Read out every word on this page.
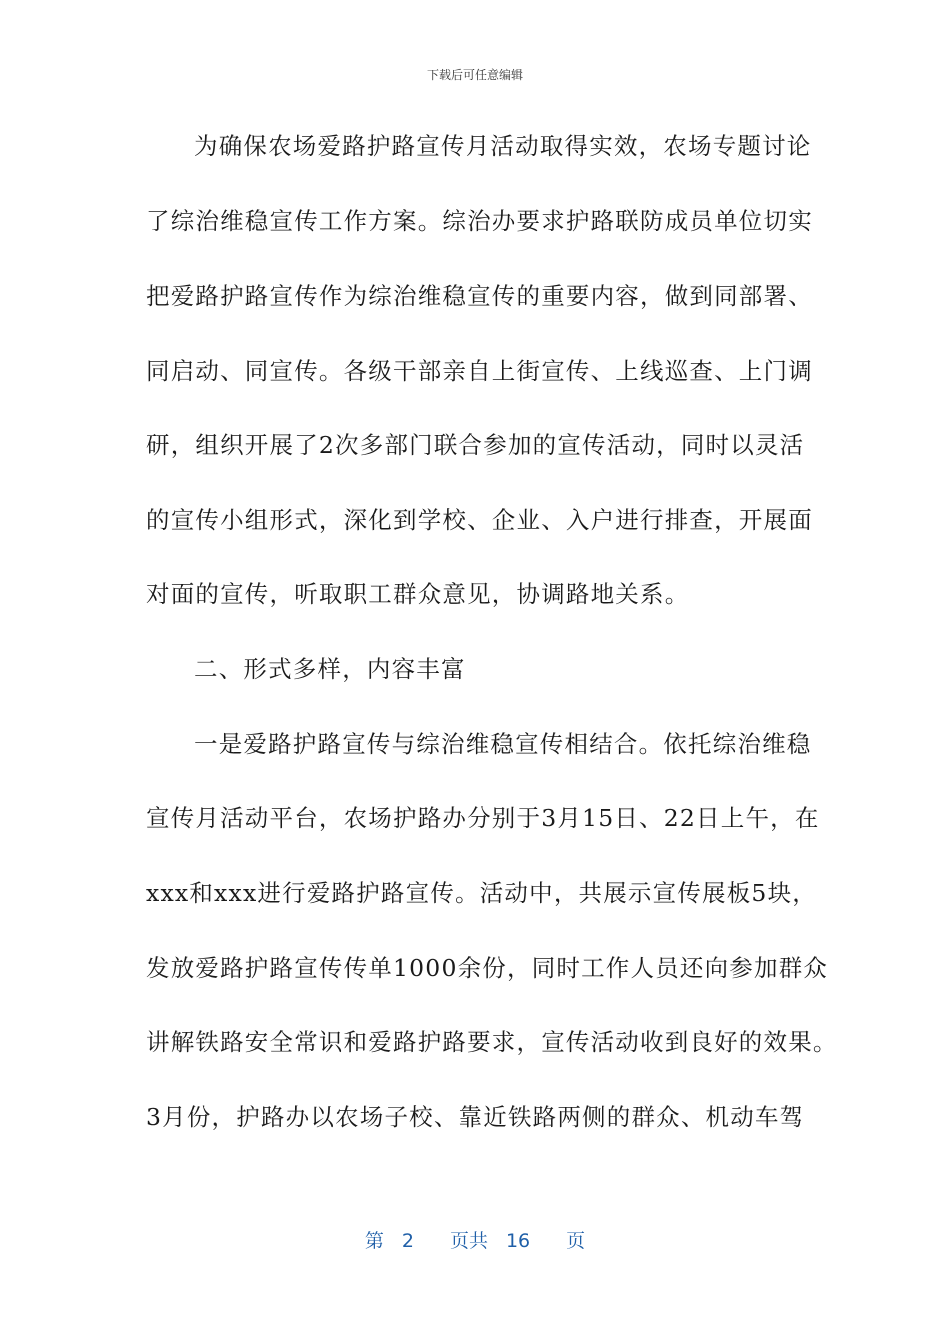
下载后可任意编辑
为确保农场爱路护路宣传月活动取得实效，农场专题讨论
了综治维稳宣传工作方案。综治办要求护路联防成员单位切实
把爱路护路宣传作为综治维稳宣传的重要内容，做到同部署、
同启动、同宣传。各级干部亲自上街宣传、上线巡查、上门调
研，组织开展了2次多部门联合参加的宣传活动，同时以灵活
的宣传小组形式，深化到学校、企业、入户进行排查，开展面
对面的宣传，听取职工群众意见，协调路地关系。
二、形式多样，内容丰富
一是爱路护路宣传与综治维稳宣传相结合。依托综治维稳
宣传月活动平台，农场护路办分别于3月15日、22日上午，在
xxx和xxx进行爱路护路宣传。活动中，共展示宣传展板5块，
发放爱路护路宣传传单1000余份，同时工作人员还向参加群众
讲解铁路安全常识和爱路护路要求，宣传活动收到良好的效果。
3月份，护路办以农场子校、靠近铁路两侧的群众、机动车驾
第 2 页共 16 页
